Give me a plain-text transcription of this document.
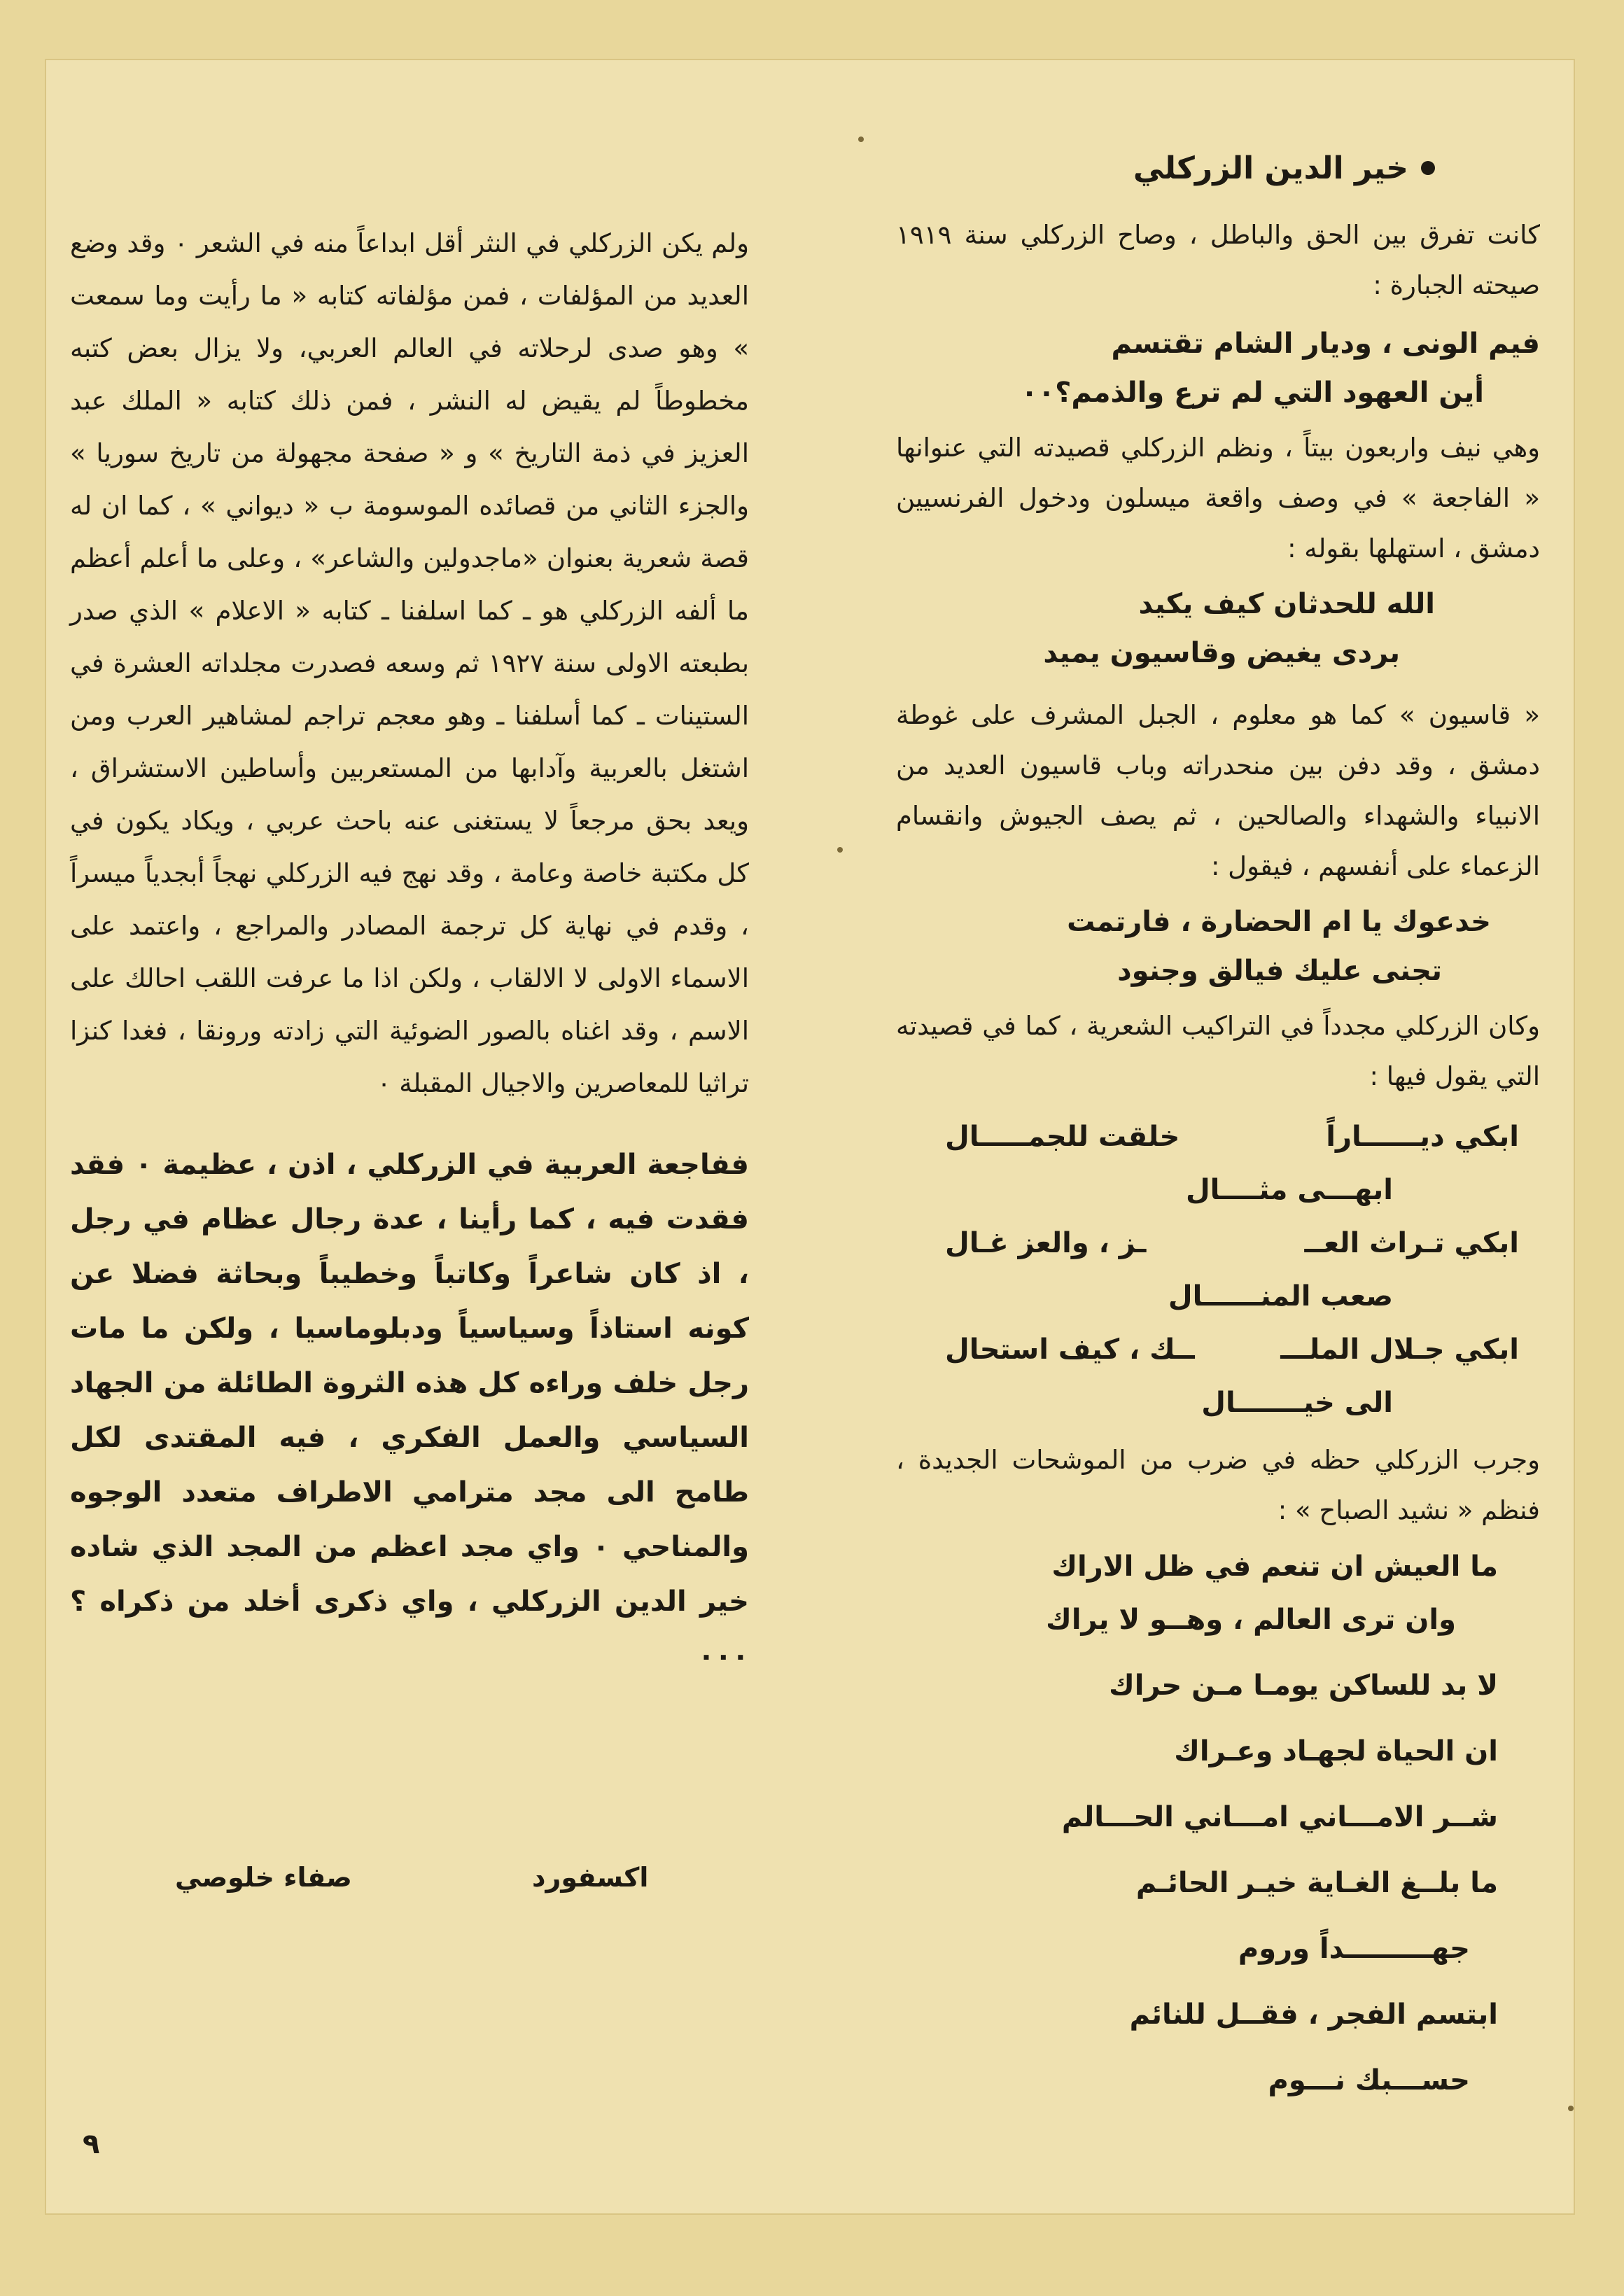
خير الدين الزركلي

كانت تفرق بين الحق والباطل ، وصاح الزركلي سنة ١٩١٩ صيحته الجبارة :

فيم الونى ، وديار الشام تقتسم
أين العهود التي لم ترع والذمم؟٠٠

وهي نيف واربعون بيتاً ، ونظم الزركلي قصيدته التي عنوانها « الفاجعة » في وصف واقعة ميسلون ودخول الفرنسيين دمشق ، استهلها بقوله :

الله للحدثان كيف يكيد
بردى يغيض وقاسيون يميد

« قاسيون » كما هو معلوم ، الجبل المشرف على غوطة دمشق ، وقد دفن بين منحدراته وباب قاسيون العديد من الانبياء والشهداء والصالحين ، ثم يصف الجيوش وانقسام الزعماء على أنفسهم ، فيقول :

خدعوك يا ام الحضارة ، فارتمت
تجنى عليك فيالق وجنود

وكان الزركلي مجدداً في التراكيب الشعرية ، كما في قصيدته التي يقول فيها :

ابكي ديــــــاراً
خلقت للجمـــــال
ابهـــى مثــــال
ابكي تـراث العــ
ـز ، والعز غـال
صعب المنــــــال
ابكي جـلال الملـــ
ــك ، كيف استحال
الى خيـــــــال

وجرب الزركلي حظه في ضرب من الموشحات الجديدة ، فنظم « نشيد الصباح » :

ما العيش ان تنعم في ظل الاراك
وان ترى العالم ، وهــو لا يراك
لا بد للساكن يومـا مـن حراك
ان الحياة لجهـاد وعـراك
شــر الامـــاني امـــاني الحـــالم
ما بلــغ الغـاية خيـر الحائـم
جهـــــــــداً وروم
ابتسم الفجر ، فقــل للنائم
حســـبك نـــوم

ولم يكن الزركلي في النثر أقل ابداعاً منه في الشعر ٠ وقد وضع العديد من المؤلفات ، فمن مؤلفاته كتابه « ما رأيت وما سمعت » وهو صدى لرحلاته في العالم العربي، ولا يزال بعض كتبه مخطوطاً لم يقيض له النشر ، فمن ذلك كتابه « الملك عبد العزيز في ذمة التاريخ » و « صفحة مجهولة من تاريخ سوريا » والجزء الثاني من قصائده الموسومة ب « ديواني » ، كما ان له قصة شعرية بعنوان «ماجدولين والشاعر» ، وعلى ما أعلم أعظم ما ألفه الزركلي هو ـ كما اسلفنا ـ كتابه « الاعلام » الذي صدر بطبعته الاولى سنة ١٩٢٧ ثم وسعه فصدرت مجلداته العشرة في الستينات ـ كما أسلفنا ـ وهو معجم تراجم لمشاهير العرب ومن اشتغل بالعربية وآدابها من المستعربين وأساطين الاستشراق ، ويعد بحق مرجعاً لا يستغنى عنه باحث عربي ، ويكاد يكون في كل مكتبة خاصة وعامة ، وقد نهج فيه الزركلي نهجاً أبجدياً ميسراً ، وقدم في نهاية كل ترجمة المصادر والمراجع ، واعتمد على الاسماء الاولى لا الالقاب ، ولكن اذا ما عرفت اللقب احالك على الاسم ، وقد اغناه بالصور الضوئية التي زادته ورونقا ، فغدا كنزا تراثيا للمعاصرين والاجيال المقبلة ٠

ففاجعة العربية في الزركلي ، اذن ، عظيمة ٠ فقد فقدت فيه ، كما رأينا ، عدة رجال عظام في رجل ، اذ كان شاعراً وكاتباً وخطيباً وبحاثة فضلا عن كونه استاذاً وسياسياً ودبلوماسيا ، ولكن ما مات رجل خلف وراءه كل هذه الثروة الطائلة من الجهاد السياسي والعمل الفكري ، فيه المقتدى لكل طامح الى مجد مترامي الاطراف متعدد الوجوه والمناحي ٠ واي مجد اعظم من المجد الذي شاده خير الدين الزركلي ، واي ذكرى أخلد من ذكراه ؟٠٠٠

اكسفورد
صفاء خلوصي
٩
